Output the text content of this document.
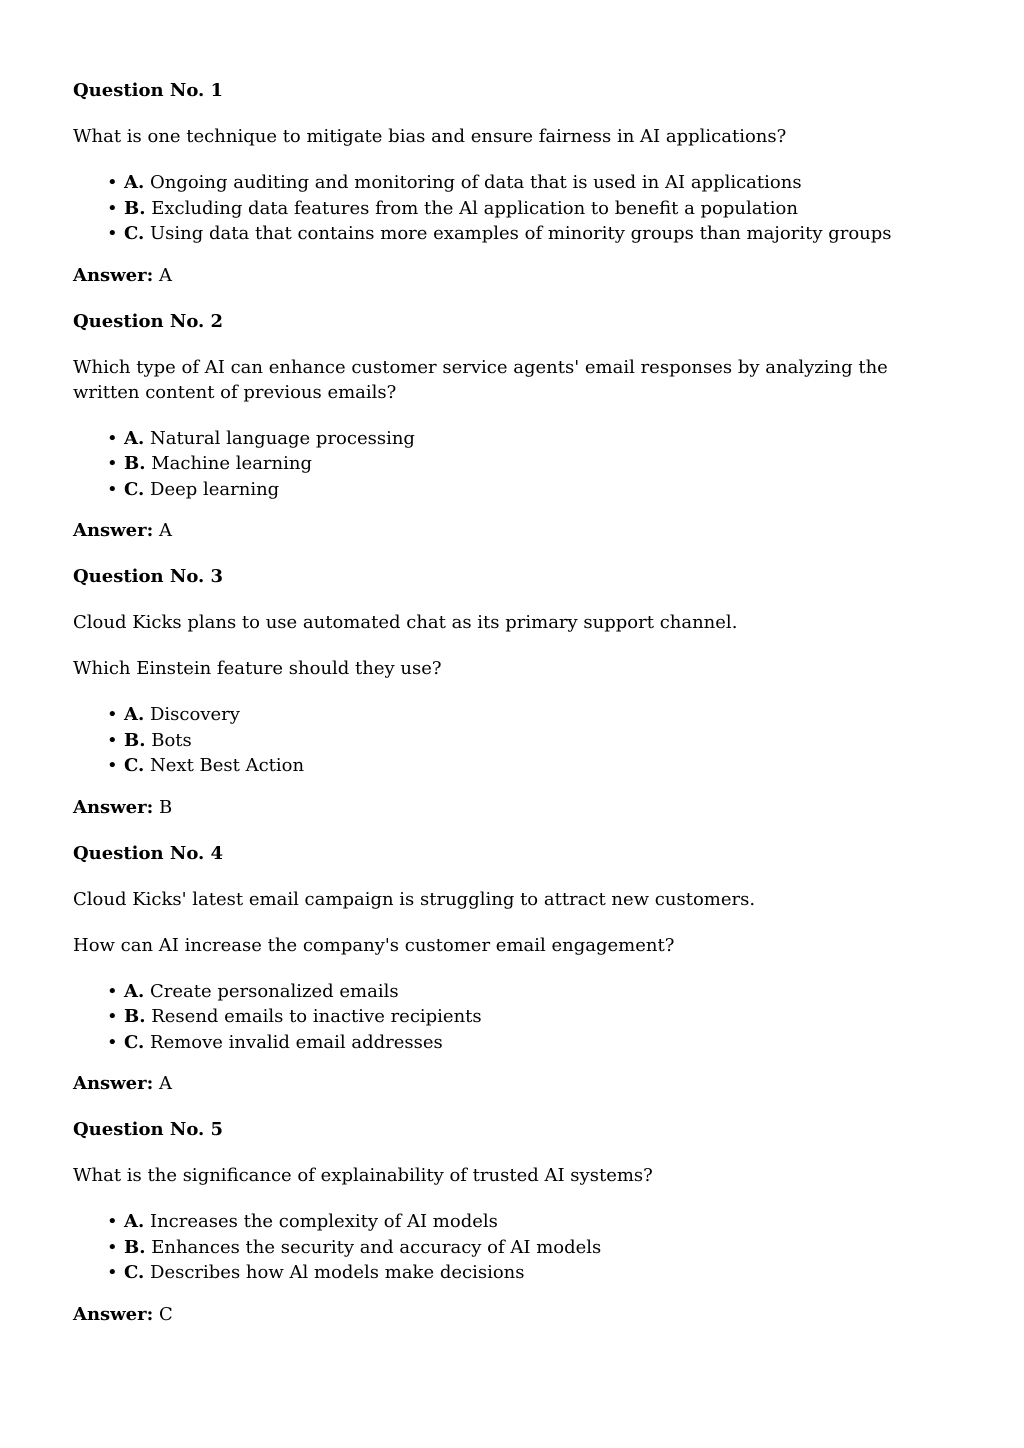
Question No. 1
What is one technique to mitigate bias and ensure fairness in AI applications?
• A. Ongoing auditing and monitoring of data that is used in AI applications
• B. Excluding data features from the Al application to benefit a population
• C. Using data that contains more examples of minority groups than majority groups
Answer: A
Question No. 2
Which type of AI can enhance customer service agents' email responses by analyzing the written content of previous emails?
• A. Natural language processing
• B. Machine learning
• C. Deep learning
Answer: A
Question No. 3
Cloud Kicks plans to use automated chat as its primary support channel.
Which Einstein feature should they use?
• A. Discovery
• B. Bots
• C. Next Best Action
Answer: B
Question No. 4
Cloud Kicks' latest email campaign is struggling to attract new customers.
How can AI increase the company's customer email engagement?
• A. Create personalized emails
• B. Resend emails to inactive recipients
• C. Remove invalid email addresses
Answer: A
Question No. 5
What is the significance of explainability of trusted AI systems?
• A. Increases the complexity of AI models
• B. Enhances the security and accuracy of AI models
• C. Describes how Al models make decisions
Answer: C
